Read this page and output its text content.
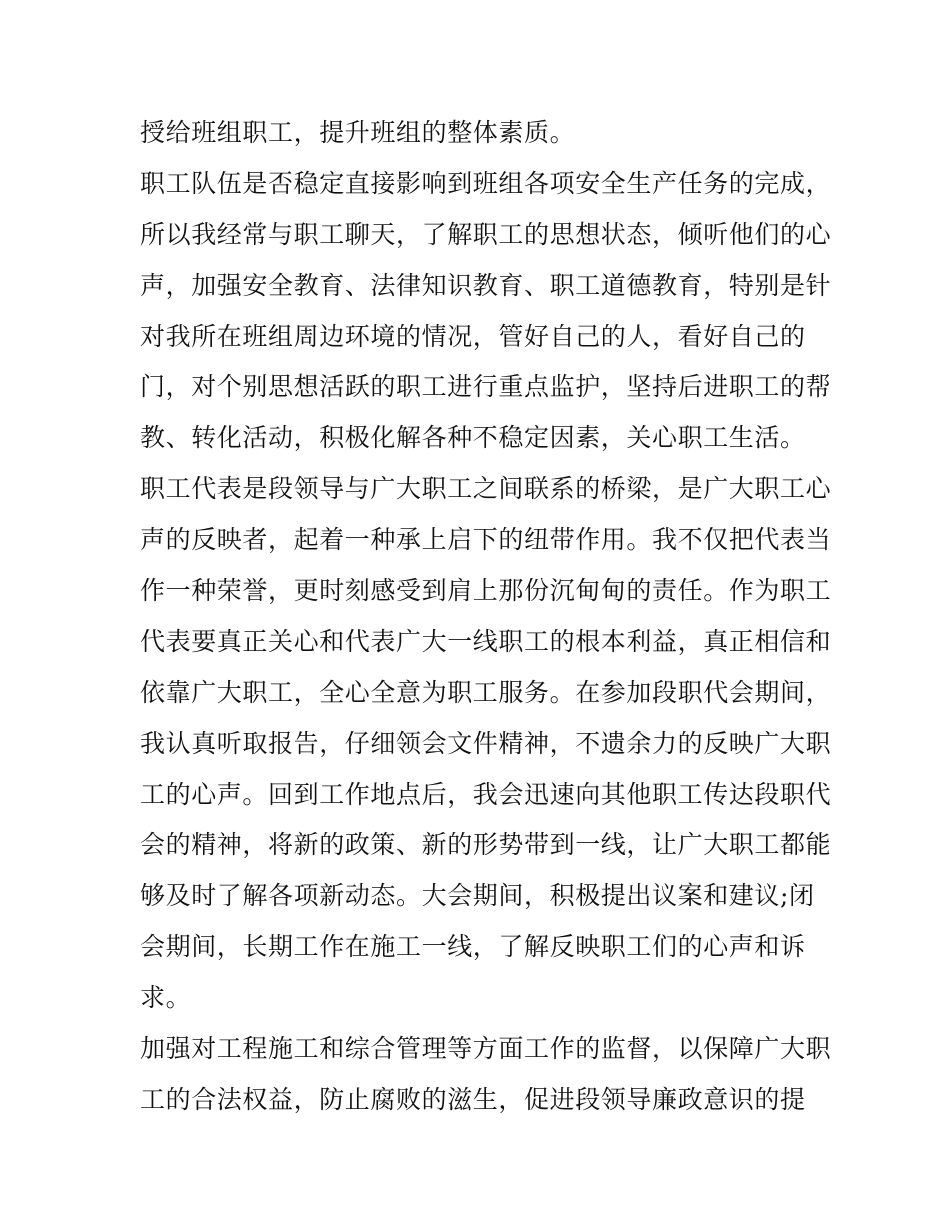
授给班组职工，提升班组的整体素质。
职工队伍是否稳定直接影响到班组各项安全生产任务的完成，
所以我经常与职工聊天，了解职工的思想状态，倾听他们的心
声，加强安全教育、法律知识教育、职工道德教育，特别是针
对我所在班组周边环境的情况，管好自己的人，看好自己的
门，对个别思想活跃的职工进行重点监护，坚持后进职工的帮
教、转化活动，积极化解各种不稳定因素，关心职工生活。
职工代表是段领导与广大职工之间联系的桥梁，是广大职工心
声的反映者，起着一种承上启下的纽带作用。我不仅把代表当
作一种荣誉，更时刻感受到肩上那份沉甸甸的责任。作为职工
代表要真正关心和代表广大一线职工的根本利益，真正相信和
依靠广大职工，全心全意为职工服务。在参加段职代会期间，
我认真听取报告，仔细领会文件精神，不遗余力的反映广大职
工的心声。回到工作地点后，我会迅速向其他职工传达段职代
会的精神，将新的政策、新的形势带到一线，让广大职工都能
够及时了解各项新动态。大会期间，积极提出议案和建议;闭
会期间，长期工作在施工一线，了解反映职工们的心声和诉
求。
加强对工程施工和综合管理等方面工作的监督，以保障广大职
工的合法权益，防止腐败的滋生，促进段领导廉政意识的提
